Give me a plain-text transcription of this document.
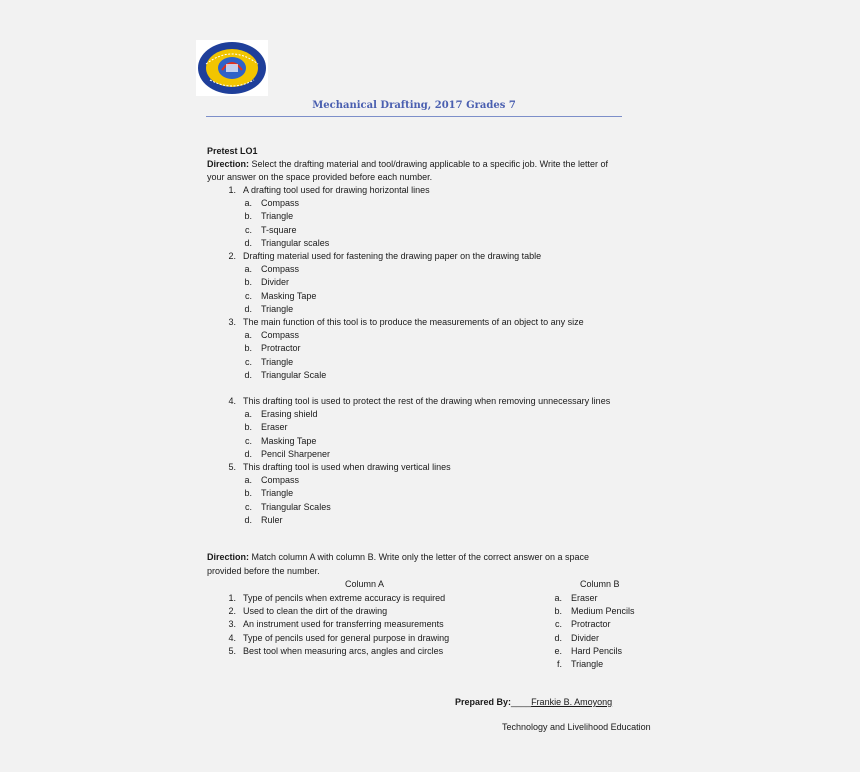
Mechanical Drafting, 2017 Grades 7
Pretest LO1
Direction: Select the drafting material and tool/drawing applicable to a specific job. Write the letter of
your answer on the space provided before each number.
1. A drafting tool used for drawing horizontal lines
a. Compass
b. Triangle
c. T-square
d. Triangular scales
2. Drafting material used for fastening the drawing paper on the drawing table
a. Compass
b. Divider
c. Masking Tape
d. Triangle
3. The main function of this tool is to produce the measurements of an object to any size
a. Compass
b. Protractor
c. Triangle
d. Triangular Scale
4. This drafting tool is used to protect the rest of the drawing when removing unnecessary lines
a. Erasing shield
b. Eraser
c. Masking Tape
d. Pencil Sharpener
5. This drafting tool is used when drawing vertical lines
a. Compass
b. Triangle
c. Triangular Scales
d. Ruler
Direction: Match column A with column B. Write only the letter of the correct answer on a space
provided before the number.
Column A	Column B
1. Type of pencils when extreme accuracy is required
2. Used to clean the dirt of the drawing
3. An instrument used for transferring measurements
4. Type of pencils used for general purpose in drawing
5. Best tool when measuring arcs, angles and circles
a. Eraser
b. Medium Pencils
c. Protractor
d. Divider
e. Hard Pencils
f. Triangle
Prepared By:____Frankie B. Amoyong
Technology and Livelihood Education
